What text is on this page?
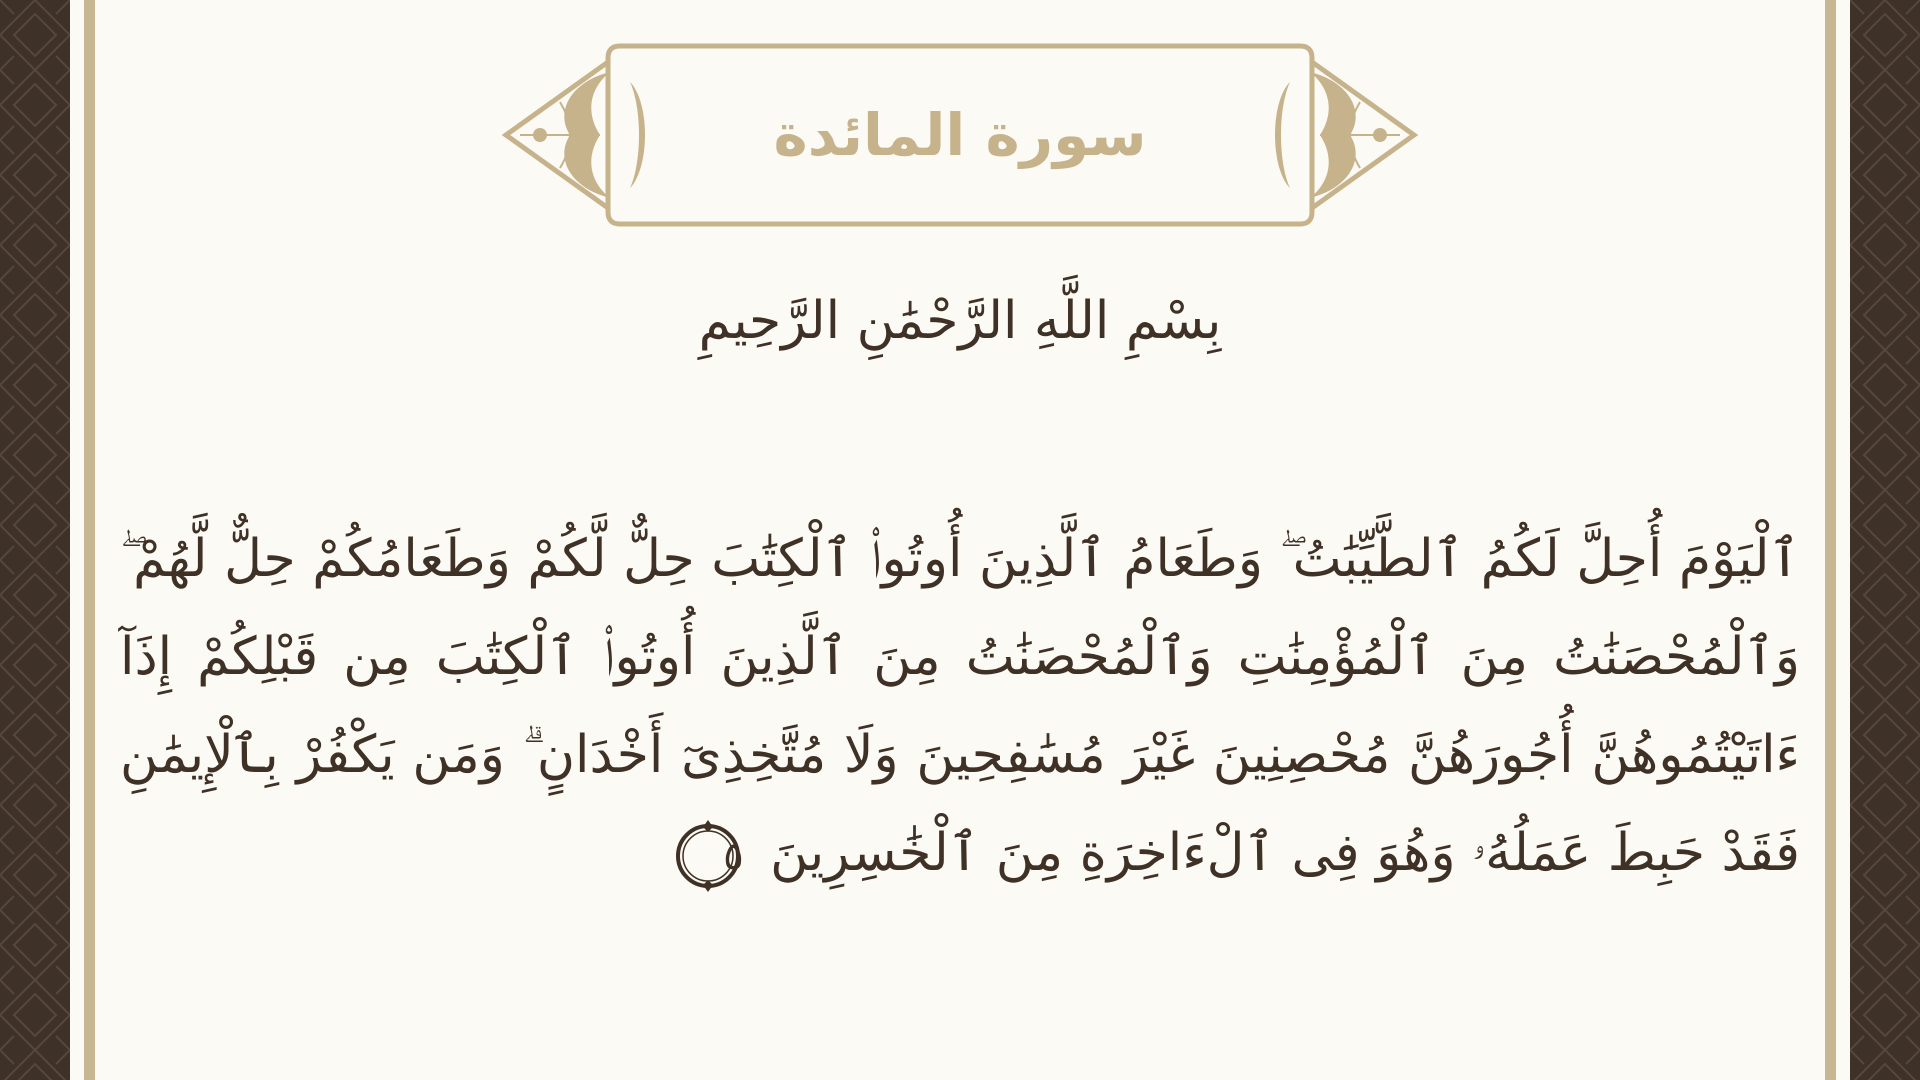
سورة المائدة
بِسْمِ اللَّهِ الرَّحْمَٰنِ الرَّحِيمِ
ٱلْيَوْمَ أُحِلَّ لَكُمُ ٱلطَّيِّبَٰتُ ۖ وَطَعَامُ ٱلَّذِينَ أُوتُوا۟ ٱلْكِتَٰبَ حِلٌّ لَّكُمْ وَطَعَامُكُمْ حِلٌّ لَّهُمْ ۖ وَٱلْمُحْصَنَٰتُ مِنَ ٱلْمُؤْمِنَٰتِ وَٱلْمُحْصَنَٰتُ مِنَ ٱلَّذِينَ أُوتُوا۟ ٱلْكِتَٰبَ مِن قَبْلِكُمْ إِذَآ ءَاتَيْتُمُوهُنَّ أُجُورَهُنَّ مُحْصِنِينَ غَيْرَ مُسَٰفِحِينَ وَلَا مُتَّخِذِىٓ أَخْدَانٍ ۗ وَمَن يَكْفُرْ بِٱلْإِيمَٰنِ فَقَدْ حَبِطَ عَمَلُهُۥ وَهُوَ فِى ٱلْءَاخِرَةِ مِنَ ٱلْخَٰسِرِينَ
٥
